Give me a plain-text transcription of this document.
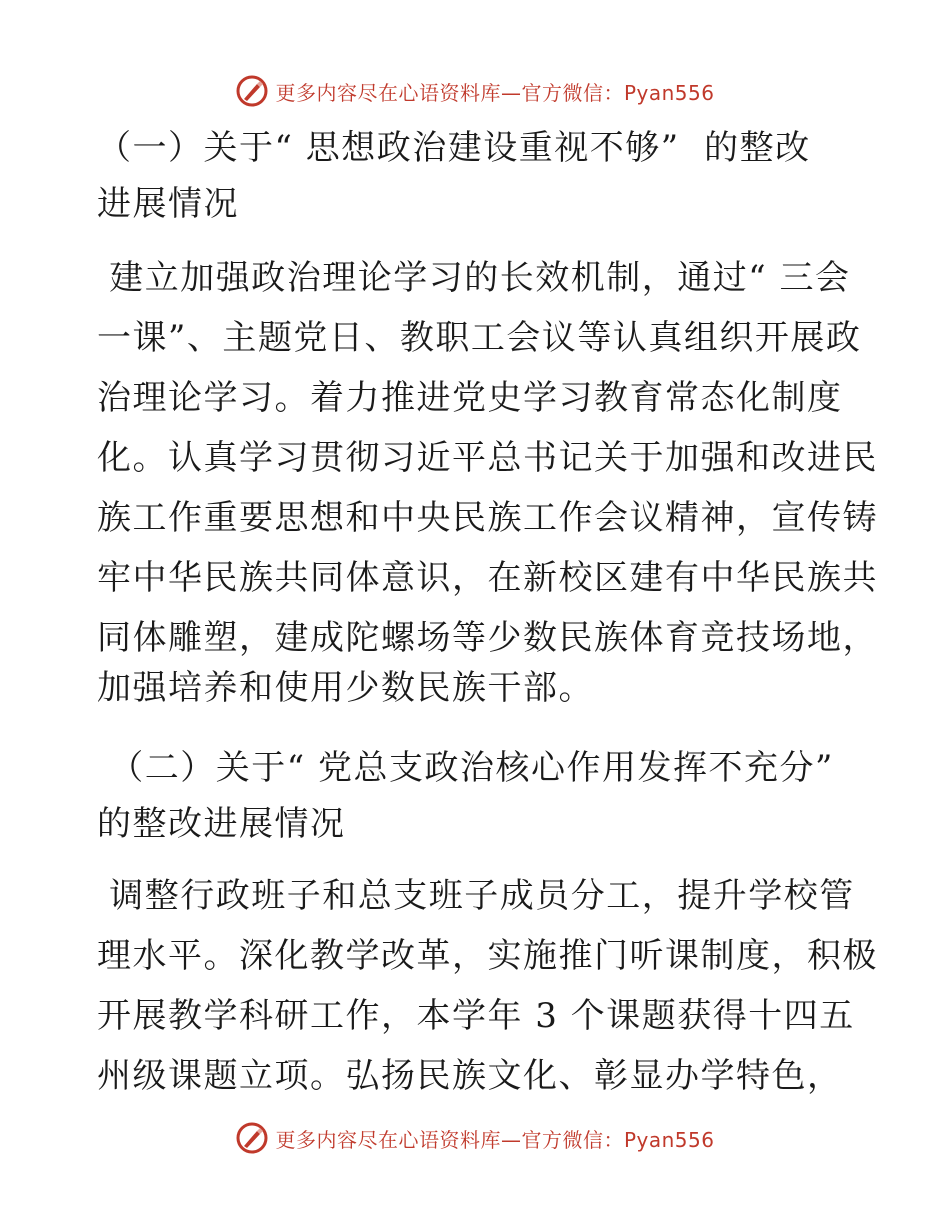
更多内容尽在心语资料库—官方微信：Pyan556
（一）关于“ 思想政治建设重视不够”  的整改
进展情况
建立加强政治理论学习的长效机制，通过“ 三会
一课”、主题党日、教职工会议等认真组织开展政
治理论学习。着力推进党史学习教育常态化制度
化。认真学习贯彻习近平总书记关于加强和改进民
族工作重要思想和中央民族工作会议精神，宣传铸
牢中华民族共同体意识，在新校区建有中华民族共
同体雕塑，建成陀螺场等少数民族体育竞技场地，
加强培养和使用少数民族干部。
（二）关于“ 党总支政治核心作用发挥不充分”
的整改进展情况
调整行政班子和总支班子成员分工，提升学校管
理水平。深化教学改革，实施推门听课制度，积极
开展教学科研工作，本学年 3 个课题获得十四五
州级课题立项。弘扬民族文化、彰显办学特色，
更多内容尽在心语资料库—官方微信：Pyan556
